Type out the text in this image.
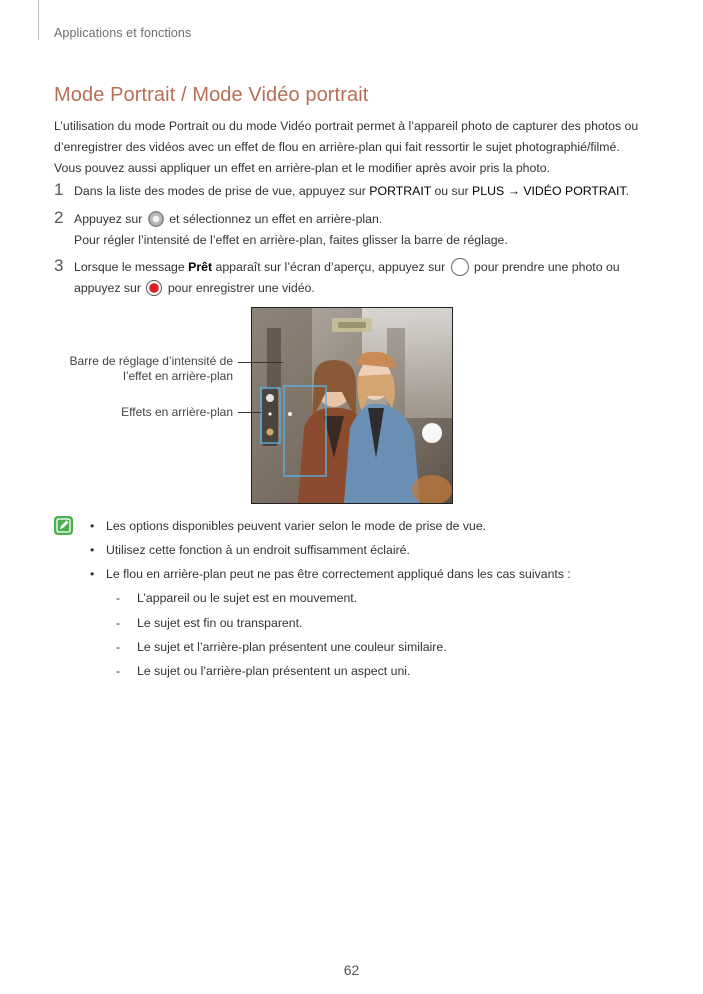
Applications et fonctions
Mode Portrait / Mode Vidéo portrait
L’utilisation du mode Portrait ou du mode Vidéo portrait permet à l’appareil photo de capturer des photos ou d’enregistrer des vidéos avec un effet de flou en arrière-plan qui fait ressortir le sujet photographié/filmé. Vous pouvez aussi appliquer un effet en arrière-plan et le modifier après avoir pris la photo.
1 Dans la liste des modes de prise de vue, appuyez sur PORTRAIT ou sur PLUS → VIDÉO PORTRAIT.
2 Appuyez sur  et sélectionnez un effet en arrière-plan.
Pour régler l’intensité de l’effet en arrière-plan, faites glisser la barre de réglage.
3 Lorsque le message Prêt apparaît sur l’écran d’aperçu, appuyez sur  pour prendre une photo ou
appuyez sur  pour enregistrer une vidéo.
Barre de réglage d’intensité de
l’effet en arrière-plan
Effets en arrière-plan
• Les options disponibles peuvent varier selon le mode de prise de vue.
• Utilisez cette fonction à un endroit suffisamment éclairé.
• Le flou en arrière-plan peut ne pas être correctement appliqué dans les cas suivants :
- L’appareil ou le sujet est en mouvement.
- Le sujet est fin ou transparent.
- Le sujet et l’arrière-plan présentent une couleur similaire.
- Le sujet ou l’arrière-plan présentent un aspect uni.
62
